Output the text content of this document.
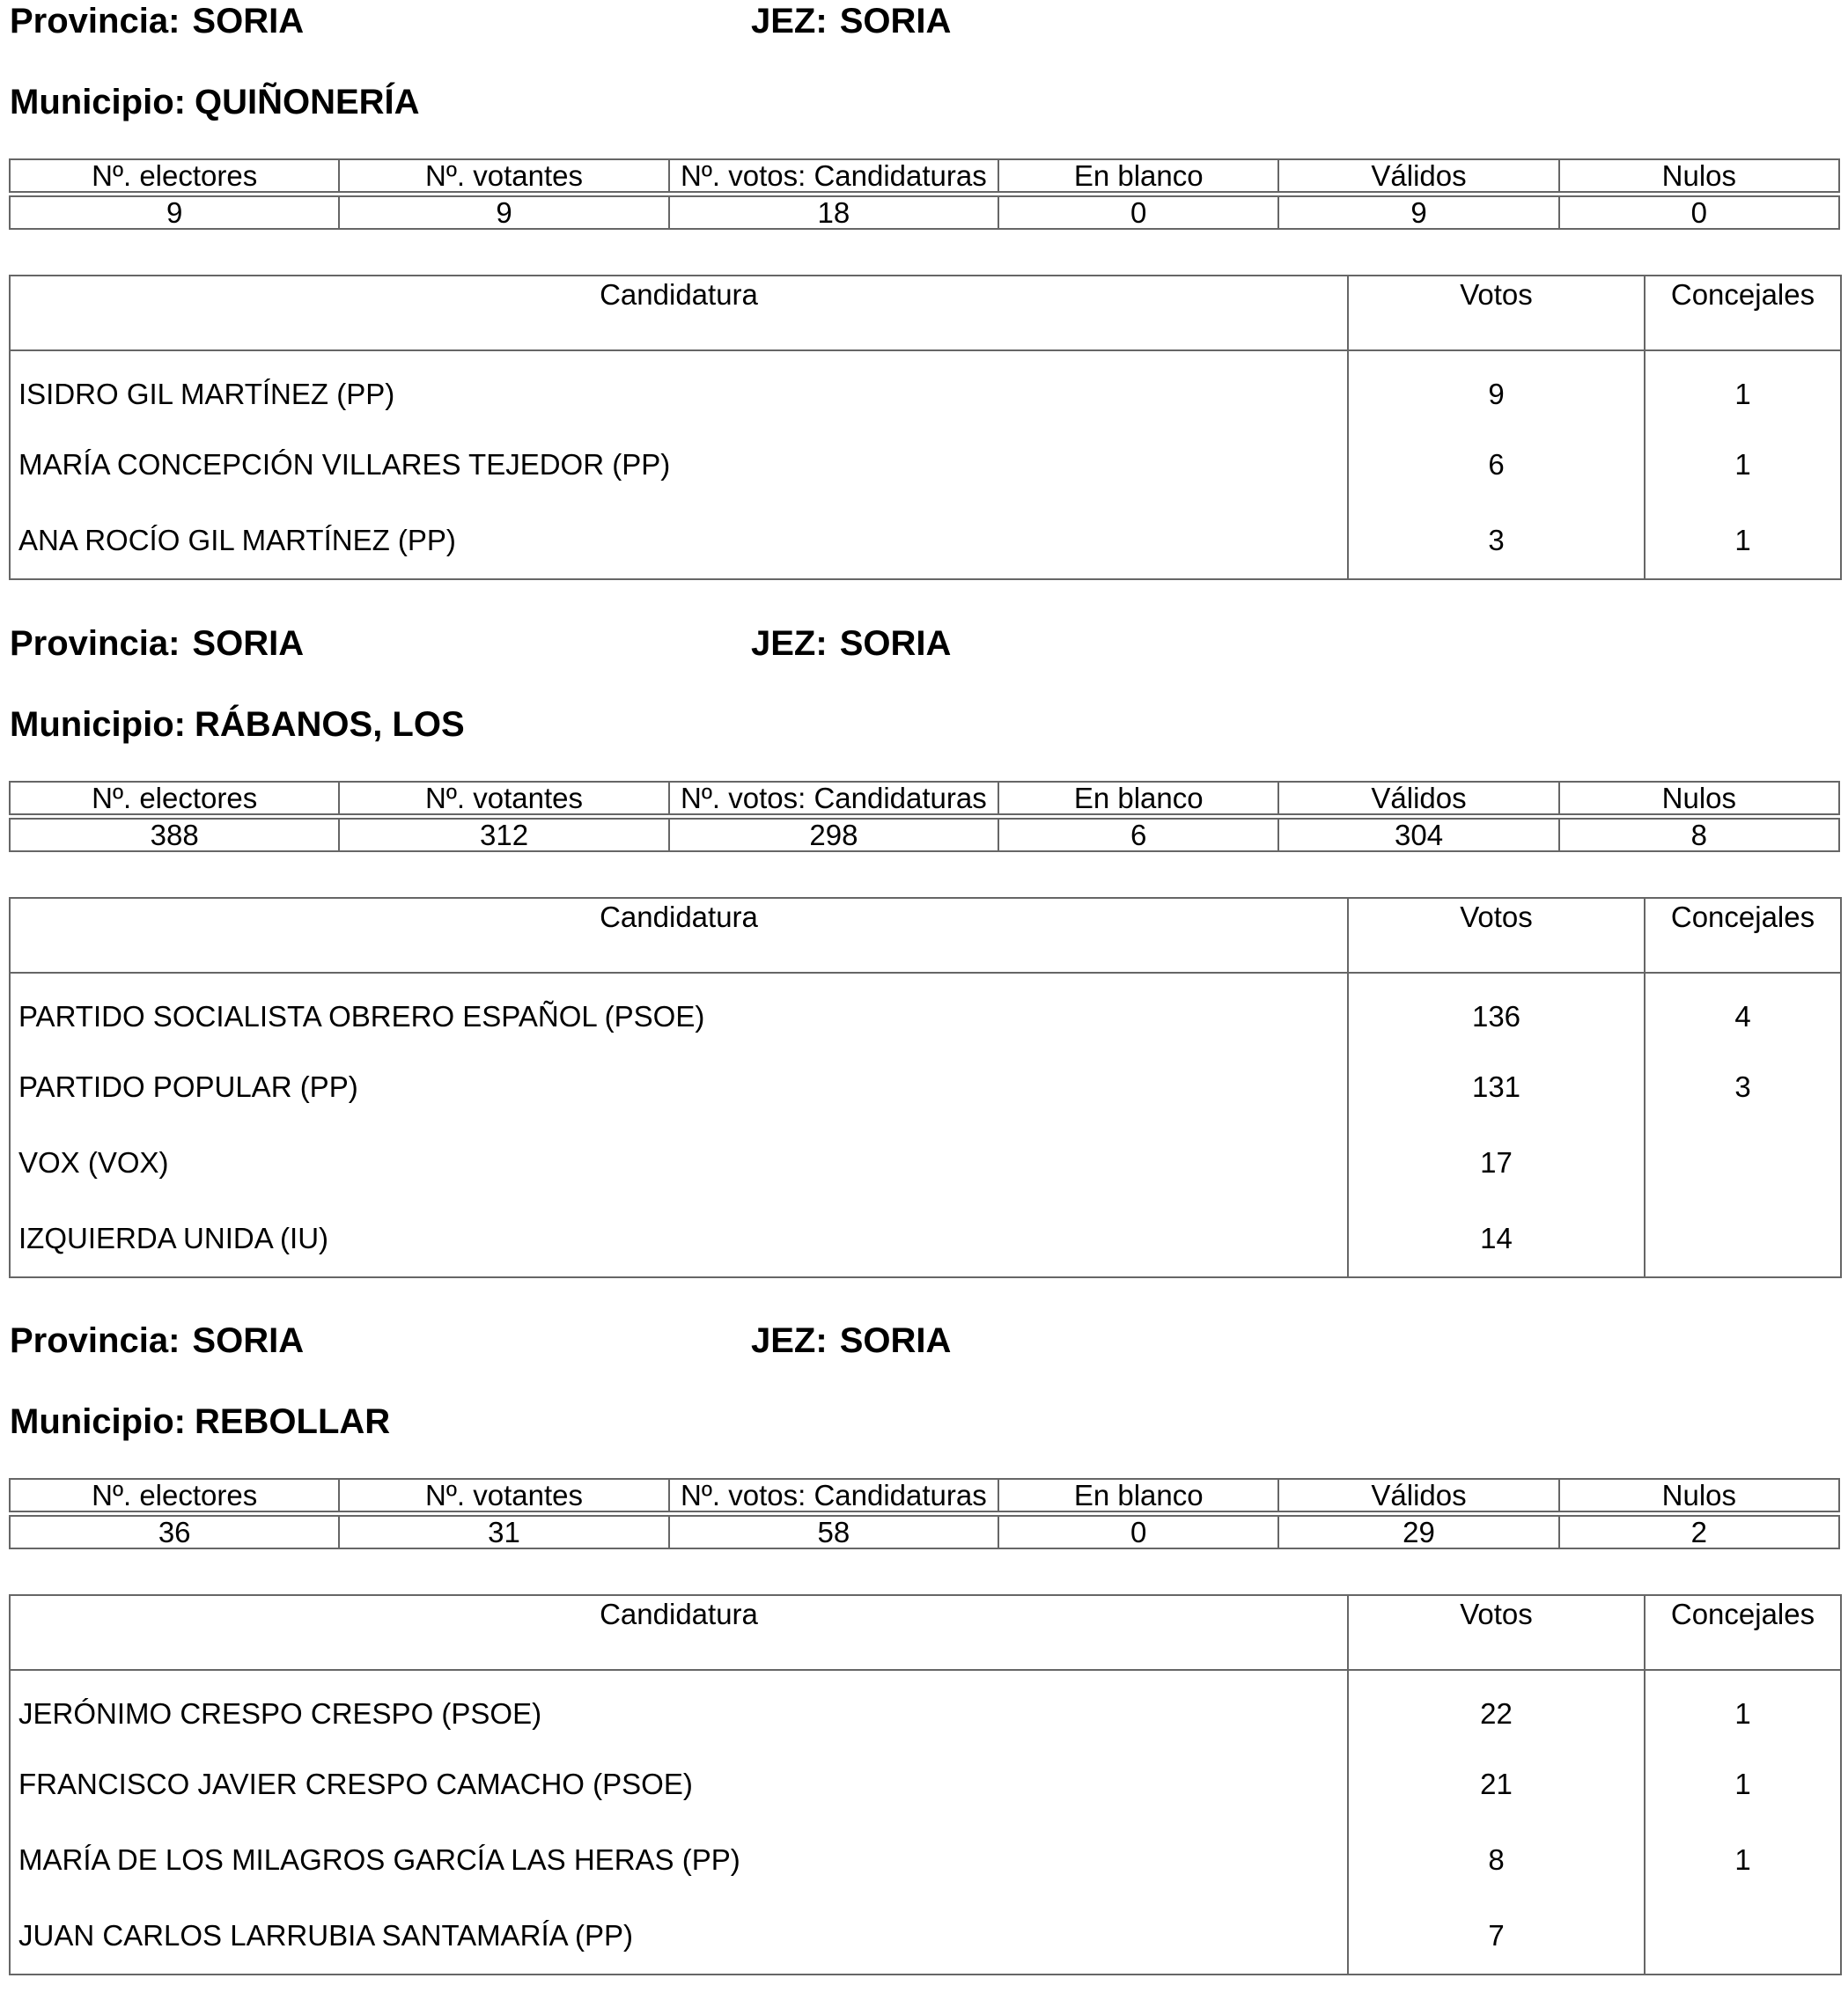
Provincia: SORIA	JEZ: SORIA
Municipio: QUIÑONERÍA
Nº. electores	Nº. votantes	Nº. votos: Candidaturas	En blanco	Válidos	Nulos
9	9	18	0	9	0
Candidatura	Votos	Concejales
ISIDRO GIL MARTÍNEZ (PP)	9	1
MARÍA CONCEPCIÓN VILLARES TEJEDOR (PP)	6	1
ANA ROCÍO GIL MARTÍNEZ (PP)	3	1
Provincia: SORIA	JEZ: SORIA
Municipio: RÁBANOS, LOS
Nº. electores	Nº. votantes	Nº. votos: Candidaturas	En blanco	Válidos	Nulos
388	312	298	6	304	8
Candidatura	Votos	Concejales
PARTIDO SOCIALISTA OBRERO ESPAÑOL (PSOE)	136	4
PARTIDO POPULAR (PP)	131	3
VOX (VOX)	17	
IZQUIERDA UNIDA (IU)	14	
Provincia: SORIA	JEZ: SORIA
Municipio: REBOLLAR
Nº. electores	Nº. votantes	Nº. votos: Candidaturas	En blanco	Válidos	Nulos
36	31	58	0	29	2
Candidatura	Votos	Concejales
JERÓNIMO CRESPO CRESPO (PSOE)	22	1
FRANCISCO JAVIER CRESPO CAMACHO (PSOE)	21	1
MARÍA DE LOS MILAGROS GARCÍA LAS HERAS (PP)	8	1
JUAN CARLOS LARRUBIA SANTAMARÍA (PP)	7	
